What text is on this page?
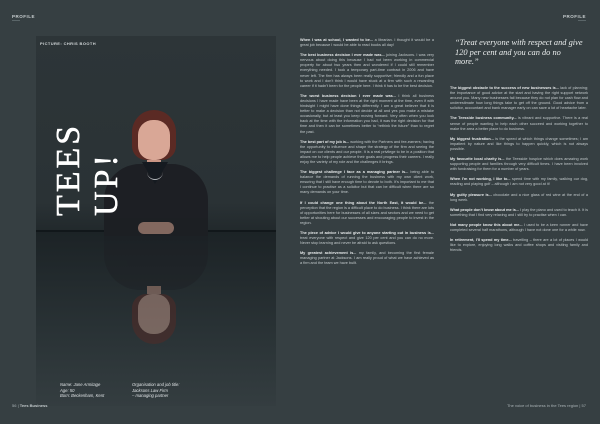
PROFILE	PROFILE
PICTURE: CHRIS BOOTH
TEES UP!
Name: Jane Armitage
Age: 50
Born: Beckenham, Kent
Organisation and job title:
Jacksons Law Firm
– managing partner

When I was at school, I wanted to be... a librarian. I thought it would be a great job because I would be able to read books all day!

The best business decision I ever made was... joining Jacksons. I was very nervous about doing this because I had not been working in commercial property for about two years then and wondered if I could still remember everything needed. I took a temporary part-time contract in 2006 and have never left. The firm has always been really supportive; friendly and a fun place to work and I don’t think I would have stuck at a firm with such a rewarding career if it hadn’t been for the people here. I think it has to be the best decision.

The worst business decision I ever made was... I think all business decisions I have made have been at the right moment at the time, even if with hindsight I might have done things differently. I am a great believer that it is better to make a decision than not decide at all and yes you make a mistake occasionally, but at least you keep moving forward. Very often when you look back at the time with the information you had, it was the right decision for that time and then it can be sometimes better to “rethink the future” than to regret the past.

The best part of my job is... working with the Partners and fee-earners; having the opportunity to influence and shape the strategy of the firm and seeing the impact on our clients and our people. It is a real privilege to be in a position that allows me to help people achieve their goals and progress their careers. I really enjoy the variety of my role and the challenges it brings.

The biggest challenge I face as a managing partner is... being able to balance the demands of running the business with my own client work, ensuring that I still have enough time to devote to both. It’s important to me that I continue to practise as a solicitor but that can be difficult when there are so many demands on your time.

If I could change one thing about the North East, it would be... the perception that the region is a difficult place to do business. I think there are lots of opportunities here for businesses of all sizes and sectors and we need to get better at shouting about our successes and encouraging people to invest in the region.

The piece of advice I would give to anyone starting out in business is... treat everyone with respect and give 120 per cent and you can do no more. Never stop learning and never be afraid to ask questions.

My greatest achievement is... my family, and becoming the first female managing partner at Jacksons. I am really proud of what we have achieved as a firm and the team we have built.

“Treat everyone with respect and give 120 per cent and you can do no more.”

The biggest obstacle to the success of new businesses is... lack of planning; the importance of good advice at the start and having the right support network around you. Many new businesses fail because they do not plan for cash flow and underestimate how long things take to get off the ground. Good advice from a solicitor, accountant and bank manager early on can save a lot of heartache later.

The Teesside business community... is vibrant and supportive. There is a real sense of people wanting to help each other succeed and working together to make the area a better place to do business.

My biggest frustration... is the speed at which things change sometimes; I am impatient by nature and like things to happen quickly, which is not always possible.

My favourite local charity is... the Teesside hospice which does amazing work supporting people and families through very difficult times. I have been involved with fundraising for them for a number of years.

When I’m not working, I like to... spend time with my family, walking our dog, reading and playing golf – although I am not very good at it!

My guilty pleasure is... chocolate and a nice glass of red wine at the end of a long week.

What people don’t know about me is... I play the piano and used to teach it. It is something that I find very relaxing and I still try to practise when I can.

Not many people know this about me... I used to be a keen runner and have completed several half marathons, although I have not done one for a while now.

In retirement, I’ll spend my time... travelling – there are a lot of places I would like to explore, enjoying long walks and coffee shops and visiting family and friends.

56 | Tees Business	The voice of business in the Tees region | 57
